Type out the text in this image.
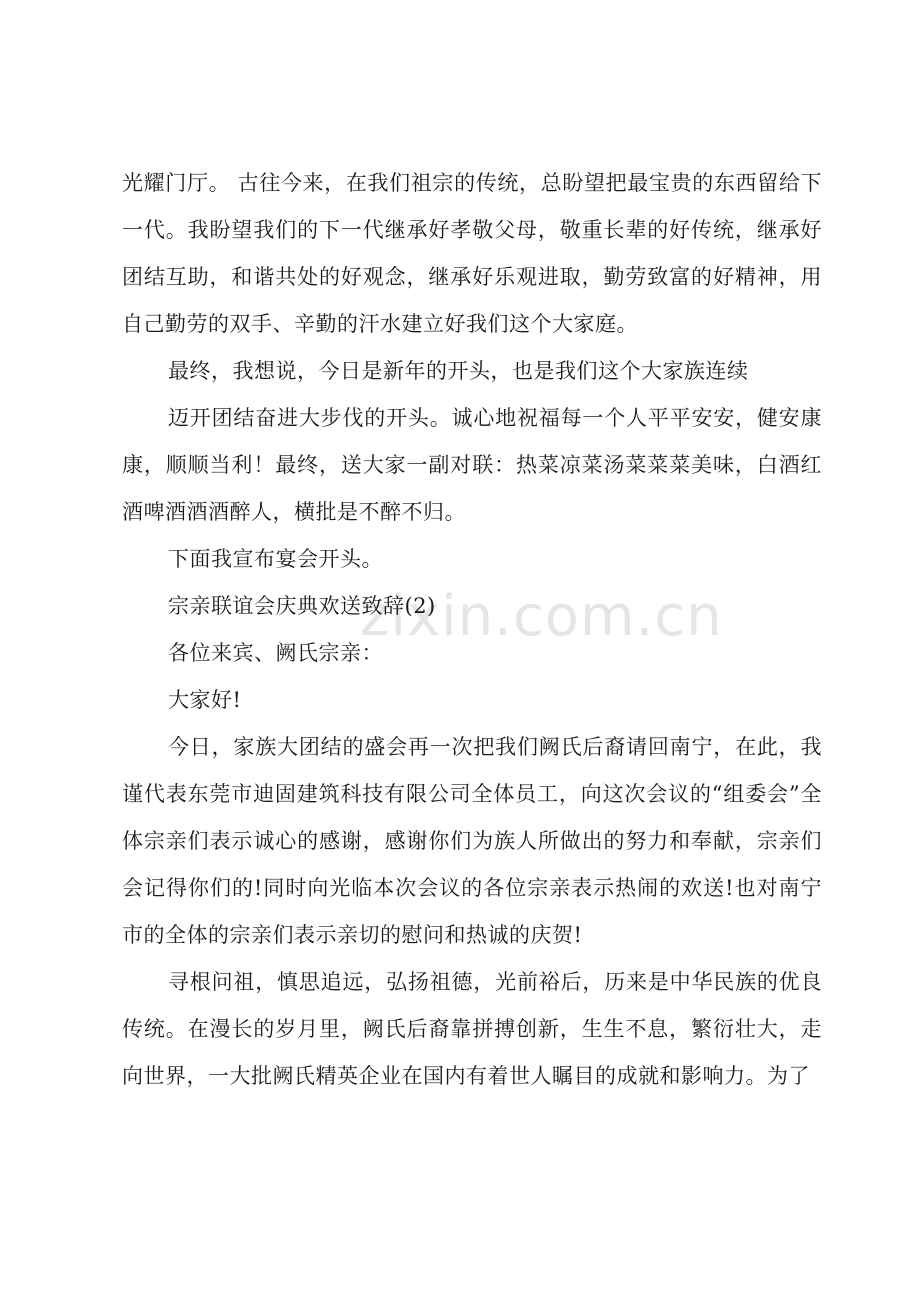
光耀门厅。 古往今来，在我们祖宗的传统，总盼望把最宝贵的东西留给下一代。我盼望我们的下一代继承好孝敬父母，敬重长辈的好传统，继承好团结互助，和谐共处的好观念，继承好乐观进取，勤劳致富的好精神，用自己勤劳的双手、辛勤的汗水建立好我们这个大家庭。

最终，我想说，今日是新年的开头，也是我们这个大家族连续

迈开团结奋进大步伐的开头。诚心地祝福每一个人平平安安，健安康康，顺顺当利！最终，送大家一副对联：热菜凉菜汤菜菜菜美味，白酒红酒啤酒酒酒醉人，横批是不醉不归。

下面我宣布宴会开头。

宗亲联谊会庆典欢送致辞(2)

各位来宾、阙氏宗亲：

大家好!

今日，家族大团结的盛会再一次把我们阙氏后裔请回南宁，在此，我谨代表东莞市迪固建筑科技有限公司全体员工，向这次会议的“组委会”全体宗亲们表示诚心的感谢，感谢你们为族人所做出的努力和奉献，宗亲们会记得你们的!同时向光临本次会议的各位宗亲表示热闹的欢送!也对南宁市的全体的宗亲们表示亲切的慰问和热诚的庆贺!

寻根问祖，慎思追远，弘扬祖德，光前裕后，历来是中华民族的优良传统。在漫长的岁月里，阙氏后裔靠拼搏创新，生生不息，繁衍壮大，走向世界，一大批阙氏精英企业在国内有着世人瞩目的成就和影响力。为了

zixin.com.cn
